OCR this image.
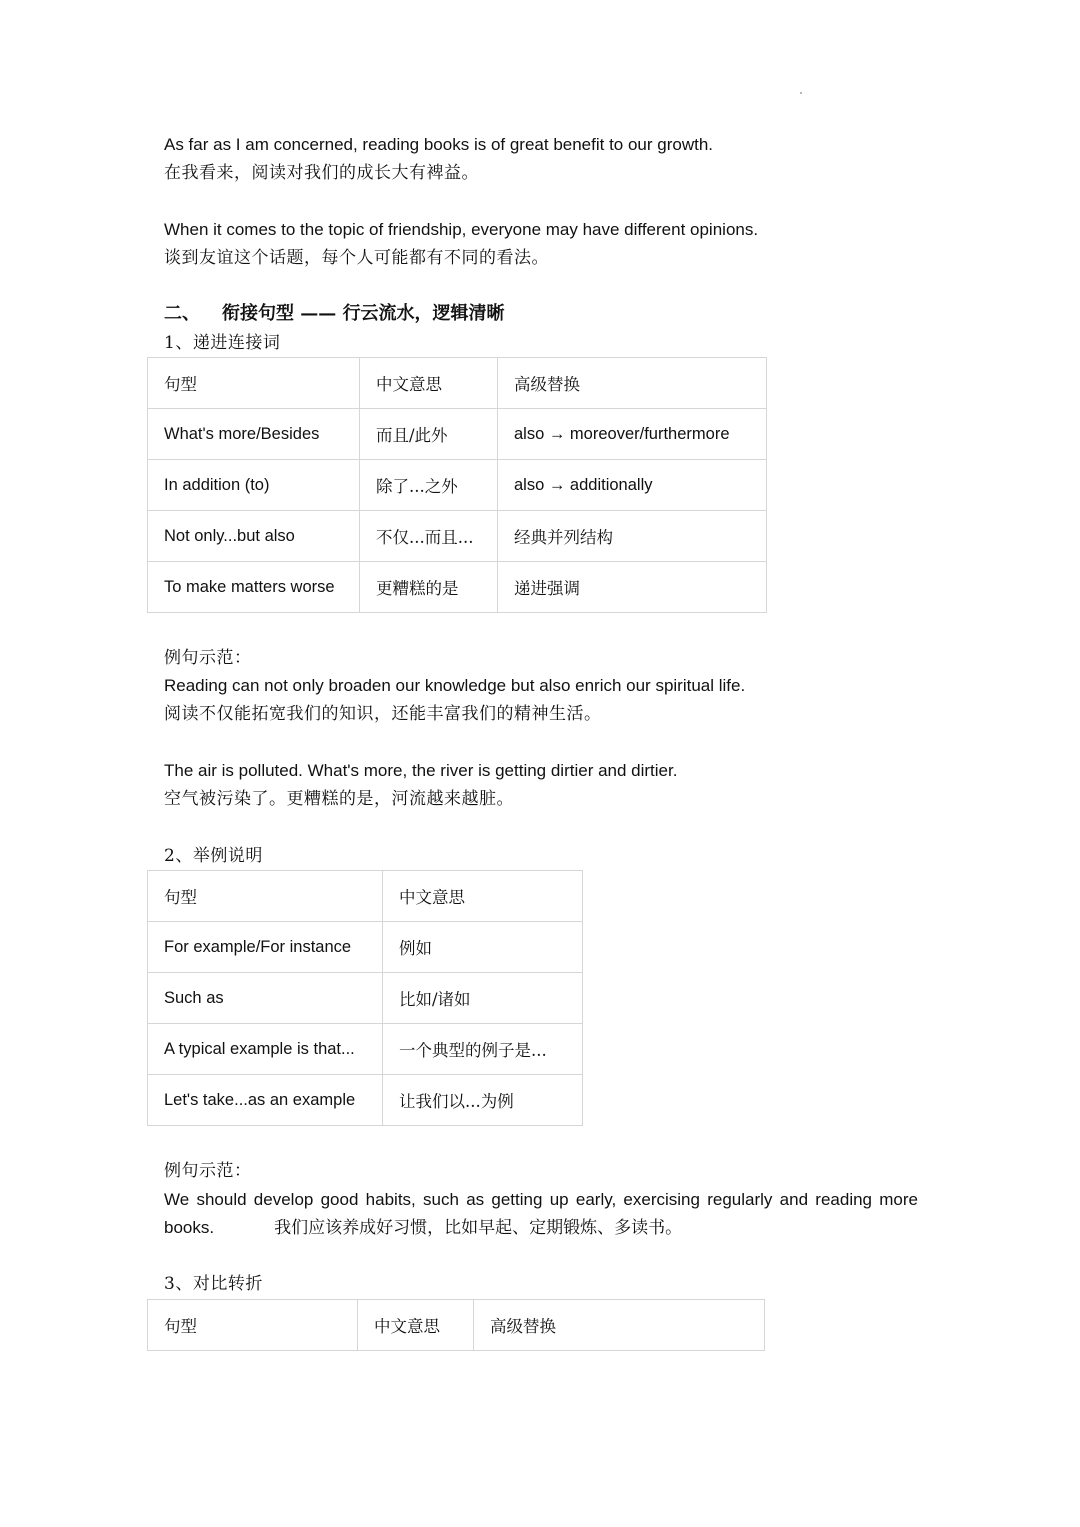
As far as I am concerned, reading books is of great benefit to our growth.
在我看来，阅读对我们的成长大有裨益。
When it comes to the topic of friendship, everyone may have different opinions.
谈到友谊这个话题，每个人可能都有不同的看法。
二、 衔接句型 —— 行云流水，逻辑清晰
1、递进连接词
句型	中文意思	高级替换
What's more/Besides	而且/此外	also → moreover/furthermore
In addition (to)	除了...之外	also → additionally
Not only...but also	不仅...而且...	经典并列结构
To make matters worse	更糟糕的是	递进强调
例句示范：
Reading can not only broaden our knowledge but also enrich our spiritual life.
阅读不仅能拓宽我们的知识，还能丰富我们的精神生活。
The air is polluted. What's more, the river is getting dirtier and dirtier.
空气被污染了。更糟糕的是，河流越来越脏。
2、举例说明
句型	中文意思
For example/For instance	例如
Such as	比如/诸如
A typical example is that...	一个典型的例子是...
Let's take...as an example	让我们以...为例
例句示范：
We should develop good habits, such as getting up early, exercising regularly and reading more books.	我们应该养成好习惯，比如早起、定期锻炼、多读书。
3、对比转折
句型	中文意思	高级替换
